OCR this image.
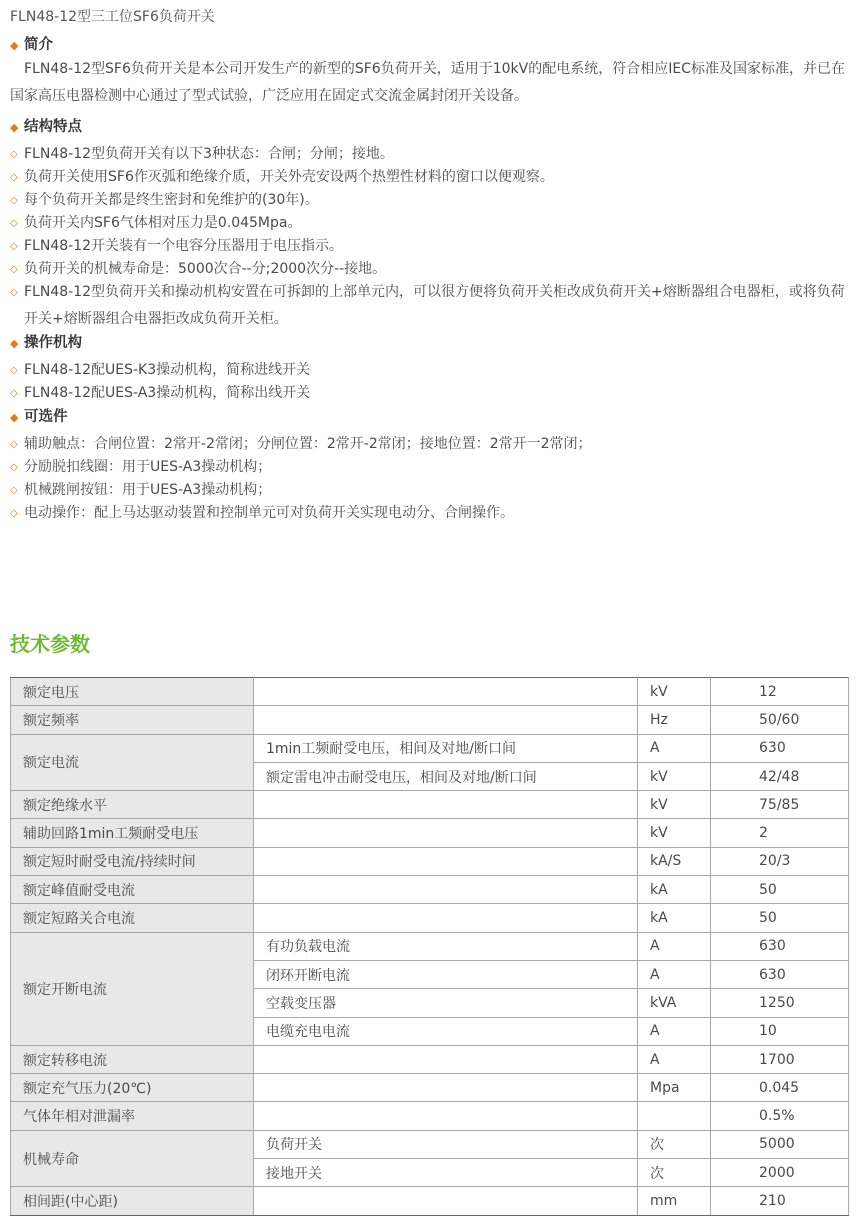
FLN48-12型三工位SF6负荷开关
◆ 简介
FLN48-12型SF6负荷开关是本公司开发生产的新型的SF6负荷开关，适用于10kV的配电系统，符合相应IEC标准及国家标准，并已在国家高压电器检测中心通过了型式试验，广泛应用在固定式交流金属封闭开关设备。
◆ 结构特点
◇ FLN48-12型负荷开关有以下3种状态：合闸；分闸；接地。
◇ 负荷开关使用SF6作灭弧和绝缘介质，开关外壳安设两个热塑性材料的窗口以便观察。
◇ 每个负荷开关都是终生密封和免维护的(30年)。
◇ 负荷开关内SF6气体相对压力是0.045Mpa。
◇ FLN48-12开关装有一个电容分压器用于电压指示。
◇ 负荷开关的机械寿命是：5000次合--分;2000次分--接地。
◇ FLN48-12型负荷开关和操动机构安置在可拆卸的上部单元内，可以很方便将负荷开关柜改成负荷开关+熔断器组合电器柜，或将负荷开关+熔断器组合电器拒改成负荷开关柜。
◆ 操作机构
◇ FLN48-12配UES-K3操动机构，简称进线开关
◇ FLN48-12配UES-A3操动机构，简称出线开关
◆ 可选件
◇ 辅助触点：合闸位置：2常开-2常闭；分闸位置：2常开-2常闭；接地位置：2常开一2常闭；
◇ 分励脱扣线圈：用于UES-A3操动机构；
◇ 机械跳闸按钮：用于UES-A3操动机构；
◇ 电动操作：配上马达驱动装置和控制单元可对负荷开关实现电动分、合闸操作。
技术参数
额定电压		kV	12
额定频率		Hz	50/60
额定电流	1min工频耐受电压，相间及对地/断口间	A	630
	额定雷电冲击耐受电压，相间及对地/断口间	kV	42/48
额定绝缘水平		kV	75/85
辅助回路1min工频耐受电压		kV	2
额定短时耐受电流/持续时间		kA/S	20/3
额定峰值耐受电流		kA	50
额定短路关合电流		kA	50
额定开断电流	有功负载电流	A	630
	闭环开断电流	A	630
	空载变压器	kVA	1250
	电缆充电电流	A	10
额定转移电流		A	1700
额定充气压力(20℃)		Mpa	0.045
气体年相对泄漏率			0.5%
机械寿命	负荷开关	次	5000
	接地开关	次	2000
相间距(中心距)		mm	210
